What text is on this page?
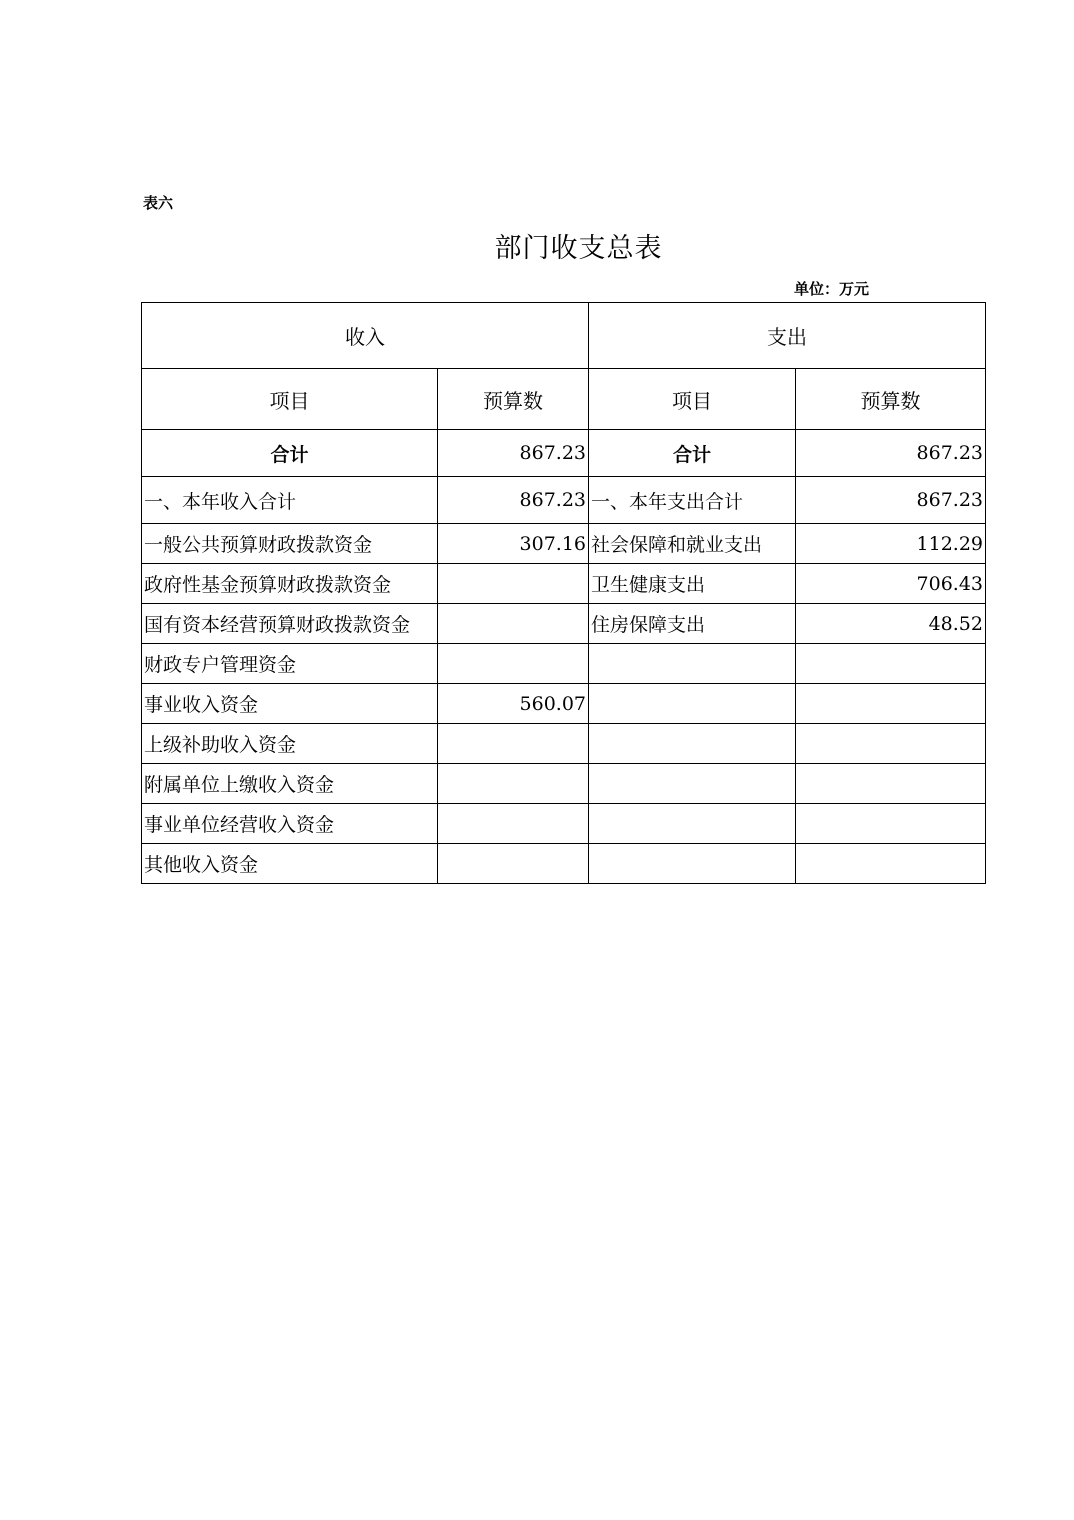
表六
部门收支总表
单位：万元
收入		支出	
项目	预算数	项目	预算数
合计	867.23	合计	867.23
一、本年收入合计	867.23	一、本年支出合计	867.23
一般公共预算财政拨款资金	307.16	社会保障和就业支出	112.29
政府性基金预算财政拨款资金		卫生健康支出	706.43
国有资本经营预算财政拨款资金		住房保障支出	48.52
财政专户管理资金			
事业收入资金	560.07		
上级补助收入资金			
附属单位上缴收入资金			
事业单位经营收入资金			
其他收入资金			
